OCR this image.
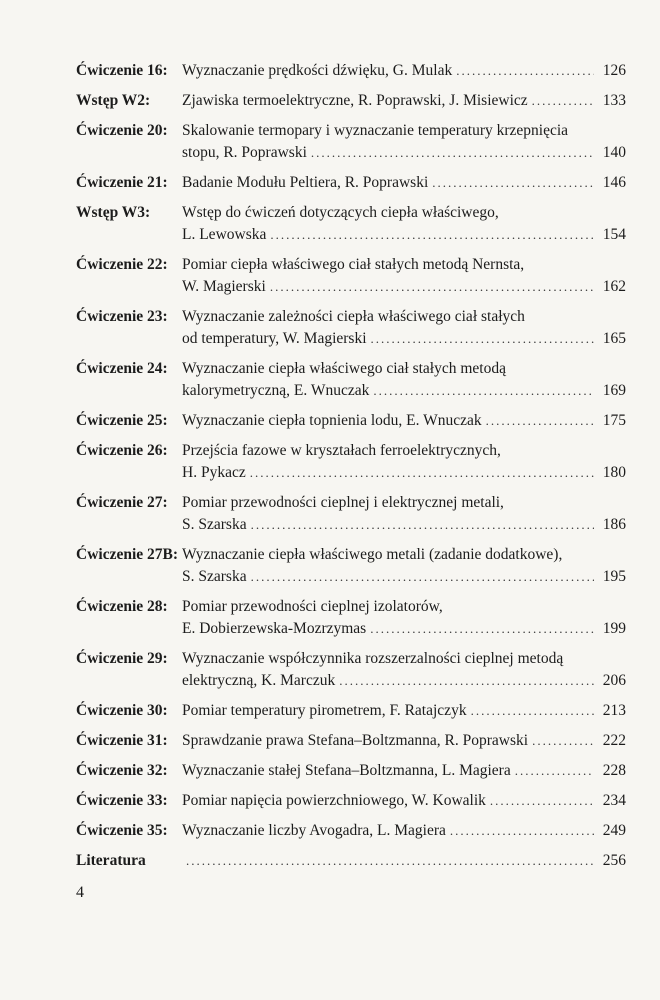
Ćwiczenie 16: Wyznaczanie prędkości dźwięku, G. Mulak .....	126
Wstęp W2:	Zjawiska termoelektryczne, R. Poprawski, J. Misiewicz .....	133
Ćwiczenie 20: Skalowanie termopary i wyznaczanie temperatury krzepnięcia
stopu, R. Poprawski .....	140
Ćwiczenie 21: Badanie Modułu Peltiera, R. Poprawski .....	146
Wstęp W3:	Wstęp do ćwiczeń dotyczących ciepła właściwego,
L. Lewowska .....	154
Ćwiczenie 22: Pomiar ciepła właściwego ciał stałych metodą Nernsta,
W. Magierski .....	162
Ćwiczenie 23: Wyznaczanie zależności ciepła właściwego ciał stałych
od temperatury, W. Magierski .....	165
Ćwiczenie 24: Wyznaczanie ciepła właściwego ciał stałych metodą
kalorymetryczną, E. Wnuczak .....	169
Ćwiczenie 25: Wyznaczanie ciepła topnienia lodu, E. Wnuczak .....	175
Ćwiczenie 26: Przejścia fazowe w kryształach ferroelektrycznych,
H. Pykacz .....	180
Ćwiczenie 27: Pomiar przewodności cieplnej i elektrycznej metali,
S. Szarska .....	186
Ćwiczenie 27B: Wyznaczanie ciepła właściwego metali (zadanie dodatkowe),
S. Szarska .....	195
Ćwiczenie 28: Pomiar przewodności cieplnej izolatorów,
E. Dobierzewska-Mozrzymas .....	199
Ćwiczenie 29: Wyznaczanie współczynnika rozszerzalności cieplnej metodą
elektryczną, K. Marczuk .....	206
Ćwiczenie 30: Pomiar temperatury pirometrem, F. Ratajczyk .....	213
Ćwiczenie 31: Sprawdzanie prawa Stefana–Boltzmanna, R. Poprawski .....	222
Ćwiczenie 32: Wyznaczanie stałej Stefana–Boltzmanna, L. Magiera .....	228
Ćwiczenie 33: Pomiar napięcia powierzchniowego, W. Kowalik .....	234
Ćwiczenie 35: Wyznaczanie liczby Avogadra, L. Magiera .....	249
Literatura .....	256
4
